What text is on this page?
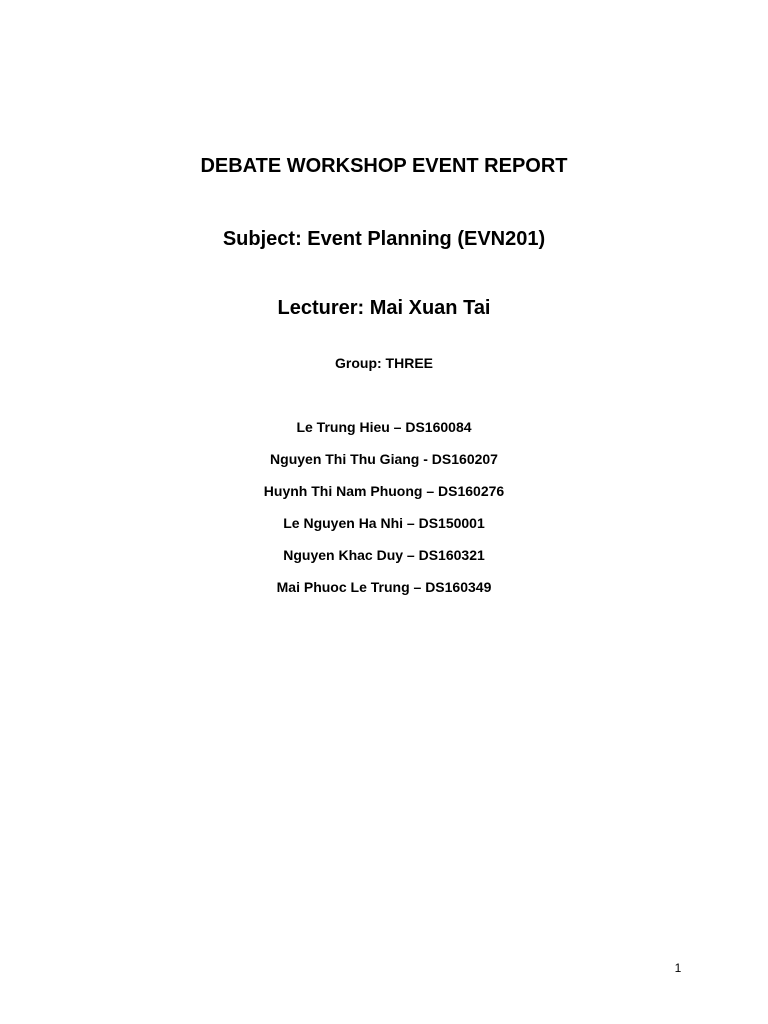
DEBATE WORKSHOP EVENT REPORT
Subject: Event Planning (EVN201)
Lecturer: Mai Xuan Tai
Group: THREE
Le Trung Hieu – DS160084
Nguyen Thi Thu Giang - DS160207
Huynh Thi Nam Phuong – DS160276
Le Nguyen Ha Nhi – DS150001
Nguyen Khac Duy – DS160321
Mai Phuoc Le Trung – DS160349
1
